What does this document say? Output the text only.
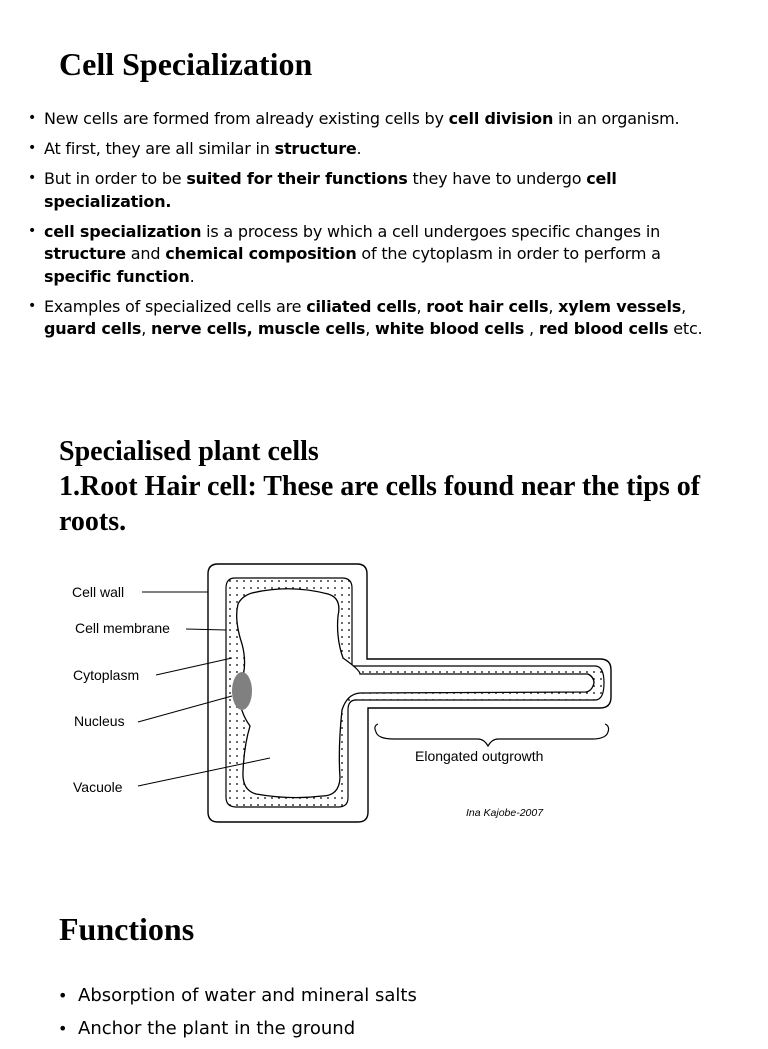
Cell Specialization
• New cells are formed from already existing cells by cell division in an organism.
• At first, they are all similar in structure.
• But in order to be suited for their functions they have to undergo cell specialization.
• cell specialization is a process by which a cell undergoes specific changes in structure and chemical composition of the cytoplasm in order to perform a specific function.
• Examples of specialized cells are ciliated cells, root hair cells, xylem vessels, guard cells, nerve cells, muscle cells, white blood cells , red blood cells etc.
Specialised plant cells
1.Root Hair cell: These are cells found near the tips of roots.
Cell wall
Cell membrane
Cytoplasm
Nucleus
Vacuole
Elongated outgrowth
Ina Kajobe-2007
Functions
• Absorption of water and mineral salts
• Anchor the plant in the ground
